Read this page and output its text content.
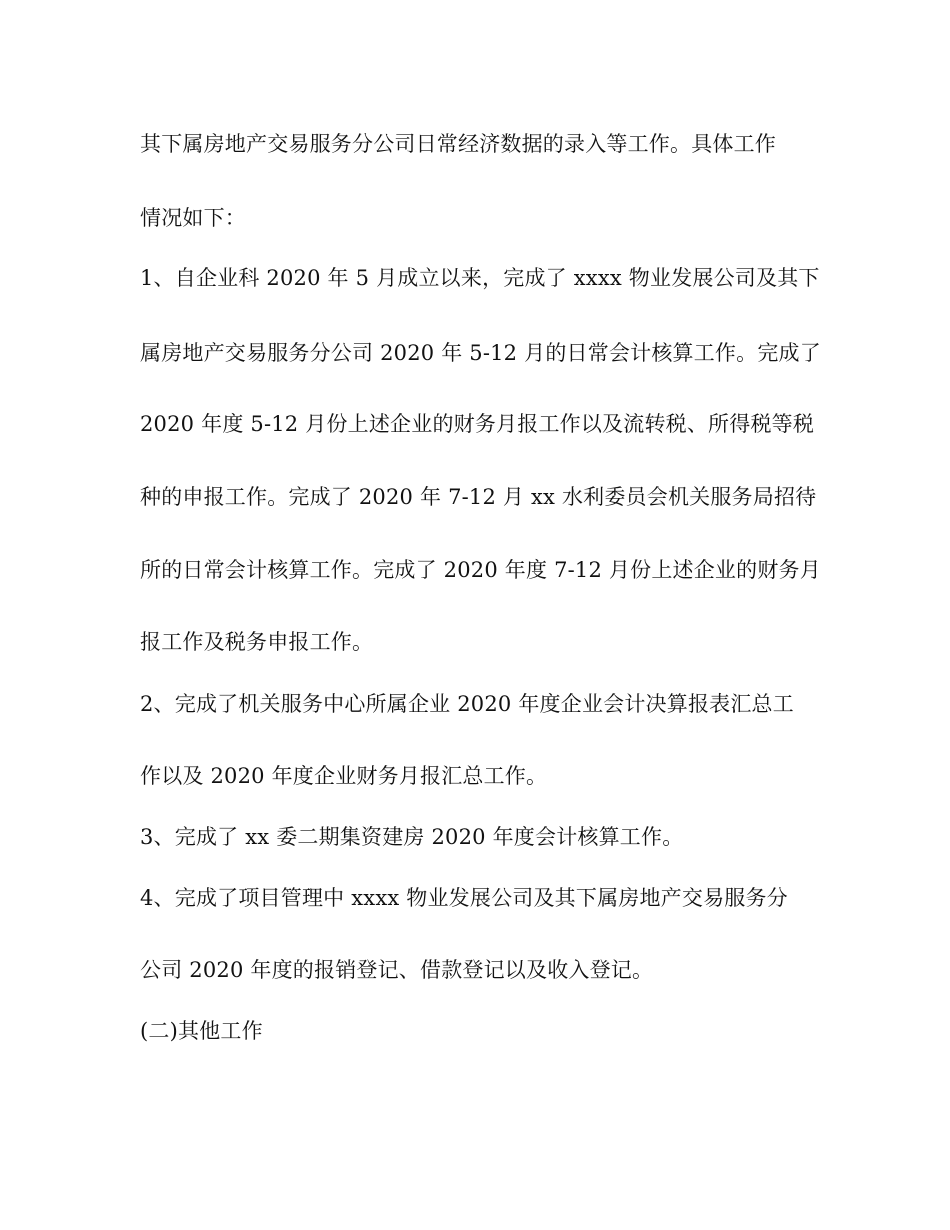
其下属房地产交易服务分公司日常经济数据的录入等工作。具体工作
情况如下：
1、自企业科 2020 年 5 月成立以来，完成了 xxxx 物业发展公司及其下
属房地产交易服务分公司 2020 年 5-12 月的日常会计核算工作。完成了
2020 年度 5-12 月份上述企业的财务月报工作以及流转税、所得税等税
种的申报工作。完成了 2020 年 7-12 月 xx 水利委员会机关服务局招待
所的日常会计核算工作。完成了 2020 年度 7-12 月份上述企业的财务月
报工作及税务申报工作。
2、完成了机关服务中心所属企业 2020 年度企业会计决算报表汇总工
作以及 2020 年度企业财务月报汇总工作。
3、完成了 xx 委二期集资建房 2020 年度会计核算工作。
4、完成了项目管理中 xxxx 物业发展公司及其下属房地产交易服务分
公司 2020 年度的报销登记、借款登记以及收入登记。
(二)其他工作
